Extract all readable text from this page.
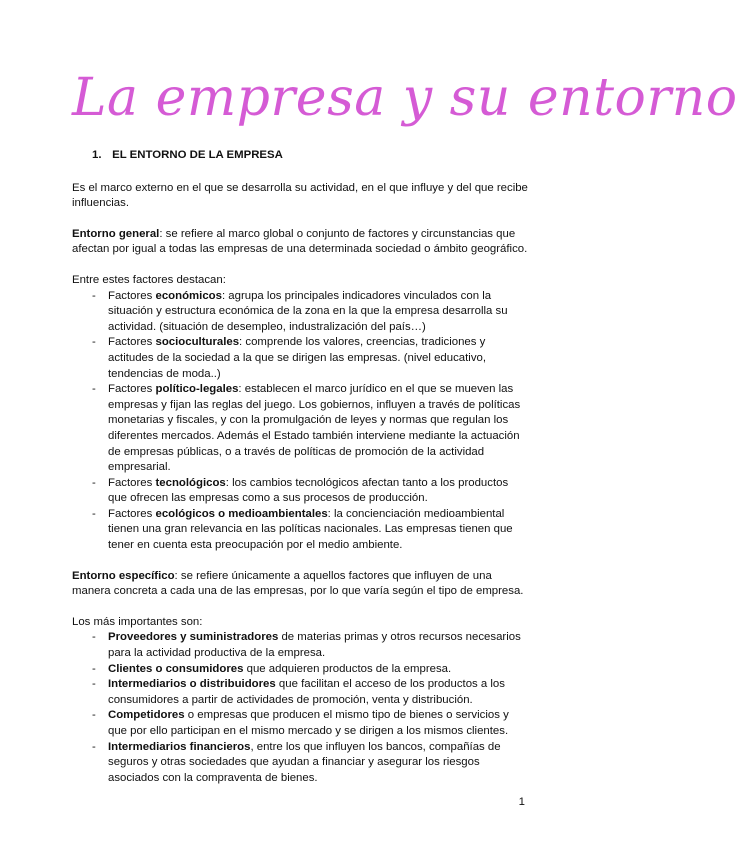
La empresa y su entorno
1. EL ENTORNO DE LA EMPRESA

Es el marco externo en el que se desarrolla su actividad, en el que influye y del que recibe influencias.

Entorno general: se refiere al marco global o conjunto de factores y circunstancias que afectan por igual a todas las empresas de una determinada sociedad o ámbito geográfico.

Entre estes factores destacan:

- Factores económicos: agrupa los principales indicadores vinculados con la situación y estructura económica de la zona en la que la empresa desarrolla su actividad. (situación de desempleo, industralización del país…)
- Factores socioculturales: comprende los valores, creencias, tradiciones y actitudes de la sociedad a la que se dirigen las empresas. (nivel educativo, tendencias de moda..)
- Factores político-legales: establecen el marco jurídico en el que se mueven las empresas y fijan las reglas del juego. Los gobiernos, influyen a través de políticas monetarias y fiscales, y con la promulgación de leyes y normas que regulan los diferentes mercados. Además el Estado también interviene mediante la actuación de empresas públicas, o a través de políticas de promoción de la actividad empresarial.
- Factores tecnológicos: los cambios tecnológicos afectan tanto a los productos que ofrecen las empresas como a sus procesos de producción.
- Factores ecológicos o medioambientales: la concienciación medioambiental tienen una gran relevancia en las políticas nacionales. Las empresas tienen que tener en cuenta esta preocupación por el medio ambiente.

Entorno específico: se refiere únicamente a aquellos factores que influyen de una manera concreta a cada una de las empresas, por lo que varía según el tipo de empresa.

Los más importantes son:

- Proveedores y suministradores de materias primas y otros recursos necesarios para la actividad productiva de la empresa.
- Clientes o consumidores que adquieren productos de la empresa.
- Intermediarios o distribuidores que facilitan el acceso de los productos a los consumidores a partir de actividades de promoción, venta y distribución.
- Competidores o empresas que producen el mismo tipo de bienes o servicios y que por ello participan en el mismo mercado y se dirigen a los mismos clientes.
- Intermediarios financieros, entre los que influyen los bancos, compañías de seguros y otras sociedades que ayudan a financiar y asegurar los riesgos asociados con la compraventa de bienes.
1
